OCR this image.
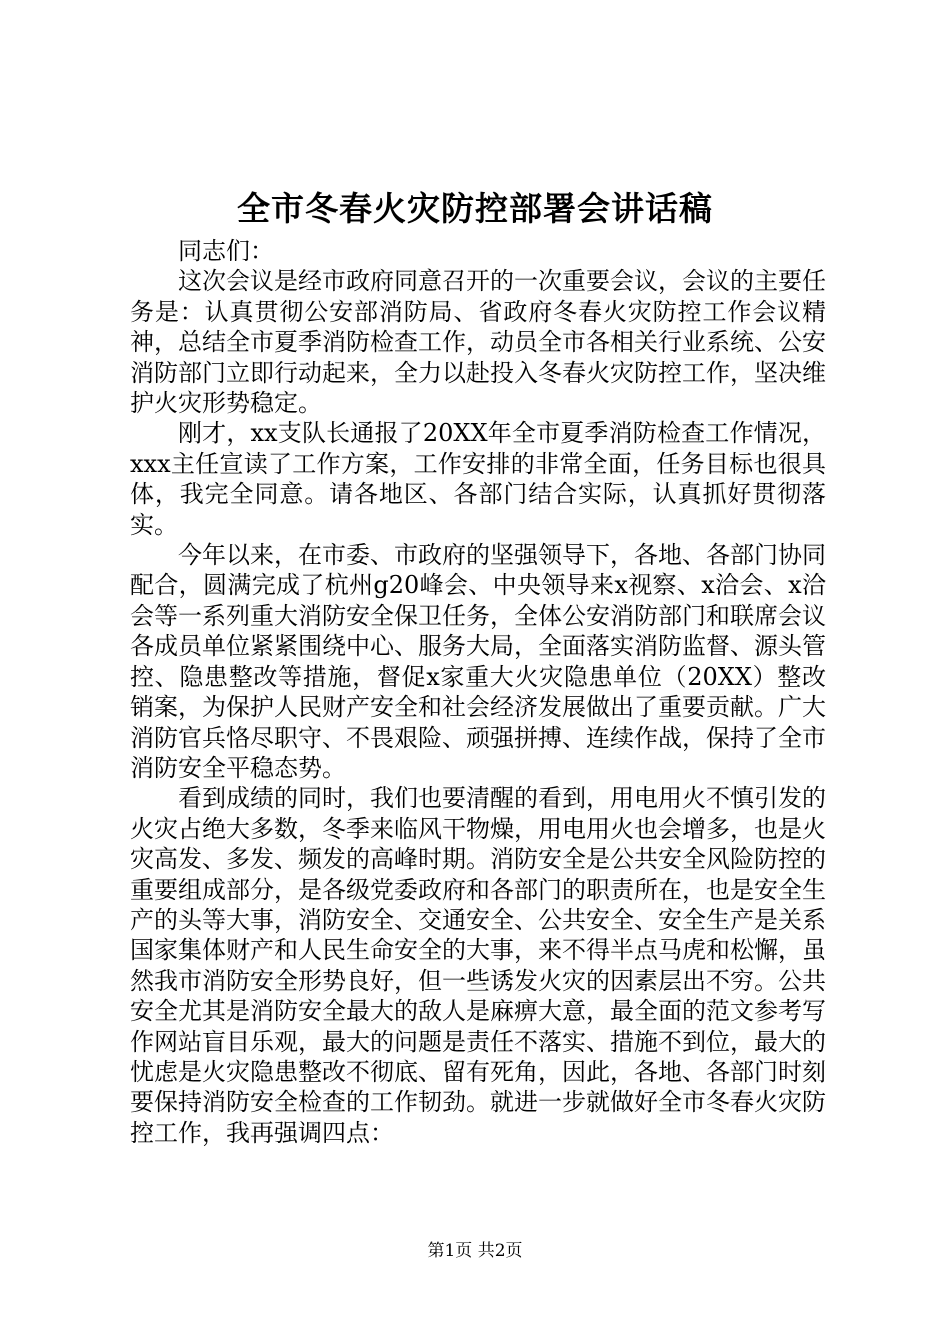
全市冬春火灾防控部署会讲话稿

同志们：

这次会议是经市政府同意召开的一次重要会议，会议的主要任务是：认真贯彻公安部消防局、省政府冬春火灾防控工作会议精神，总结全市夏季消防检查工作，动员全市各相关行业系统、公安消防部门立即行动起来，全力以赴投入冬春火灾防控工作，坚决维护火灾形势稳定。

刚才，xx支队长通报了20XX年全市夏季消防检查工作情况，xxx主任宣读了工作方案，工作安排的非常全面，任务目标也很具体，我完全同意。请各地区、各部门结合实际，认真抓好贯彻落实。

今年以来，在市委、市政府的坚强领导下，各地、各部门协同配合，圆满完成了杭州g20峰会、中央领导来x视察、x洽会、x洽会等一系列重大消防安全保卫任务，全体公安消防部门和联席会议各成员单位紧紧围绕中心、服务大局，全面落实消防监督、源头管控、隐患整改等措施，督促x家重大火灾隐患单位（20XX）整改销案，为保护人民财产安全和社会经济发展做出了重要贡献。广大消防官兵恪尽职守、不畏艰险、顽强拼搏、连续作战，保持了全市消防安全平稳态势。

看到成绩的同时，我们也要清醒的看到，用电用火不慎引发的火灾占绝大多数，冬季来临风干物燥，用电用火也会增多，也是火灾高发、多发、频发的高峰时期。消防安全是公共安全风险防控的重要组成部分，是各级党委政府和各部门的职责所在，也是安全生产的头等大事，消防安全、交通安全、公共安全、安全生产是关系国家集体财产和人民生命安全的大事，来不得半点马虎和松懈，虽然我市消防安全形势良好，但一些诱发火灾的因素层出不穷。公共安全尤其是消防安全最大的敌人是麻痹大意，最全面的范文参考写作网站盲目乐观，最大的问题是责任不落实、措施不到位，最大的忧虑是火灾隐患整改不彻底、留有死角，因此，各地、各部门时刻要保持消防安全检查的工作韧劲。就进一步就做好全市冬春火灾防控工作，我再强调四点：

第1页 共2页
